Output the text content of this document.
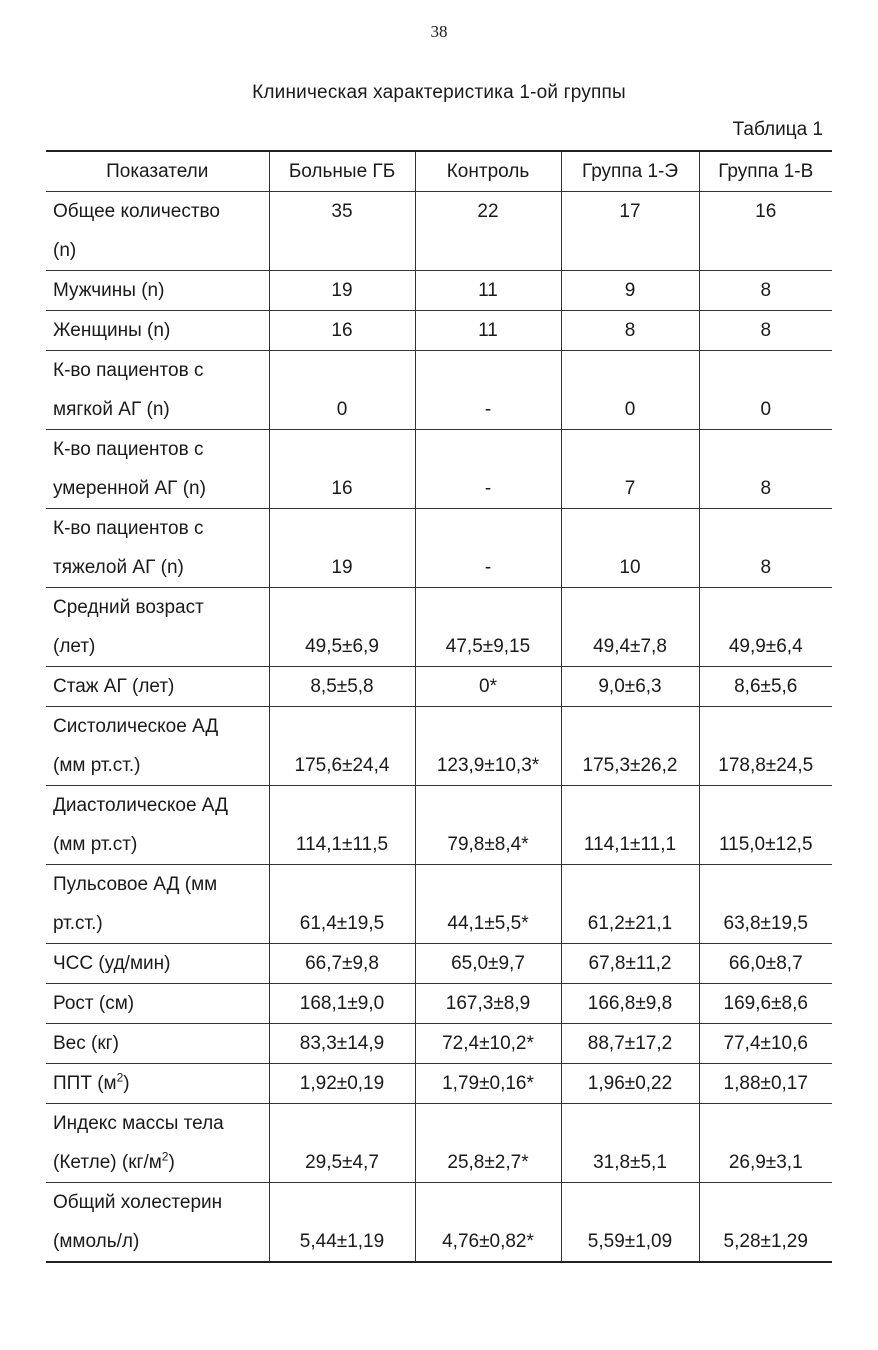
38
Клиническая характеристика 1-ой группы
Таблица 1
Показатели	Больные ГБ	Контроль	Группа 1-Э	Группа 1-В

Общее количество
(n)	35	22	17	16
Мужчины (n)	19	11	9	8
Женщины (n)	16	11	8	8

К-во пациентов с
мягкой АГ (n)	0	-	0	0

К-во пациентов с
умеренной АГ (n)	16	-	7	8

К-во пациентов с
тяжелой АГ (n)	19	-	10	8

Средний возраст
(лет)	49,5±6,9	47,5±9,15	49,4±7,8	49,9±6,4
Стаж АГ (лет)	8,5±5,8	0*	9,0±6,3	8,6±5,6

Систолическое АД
(мм рт.ст.)	175,6±24,4	123,9±10,3*	175,3±26,2	178,8±24,5

Диастолическое АД
(мм рт.ст)	114,1±11,5	79,8±8,4*	114,1±11,1	115,0±12,5

Пульсовое АД (мм
рт.ст.)	61,4±19,5	44,1±5,5*	61,2±21,1	63,8±19,5
ЧСС (уд/мин)	66,7±9,8	65,0±9,7	67,8±11,2	66,0±8,7
Рост (см)	168,1±9,0	167,3±8,9	166,8±9,8	169,6±8,6
Вес (кг)	83,3±14,9	72,4±10,2*	88,7±17,2	77,4±10,6
ППТ $(м^2)$	1,92±0,19	1,79±0,16*	1,96±0,22	1,88±0,17

Индекс массы тела
(Кетле) $(кг/м^2)$	29,5±4,7	25,8±2,7*	31,8±5,1	26,9±3,1

Общий холестерин
(ммоль/л)	5,44±1,19	4,76±0,82*	5,59±1,09	5,28±1,29
